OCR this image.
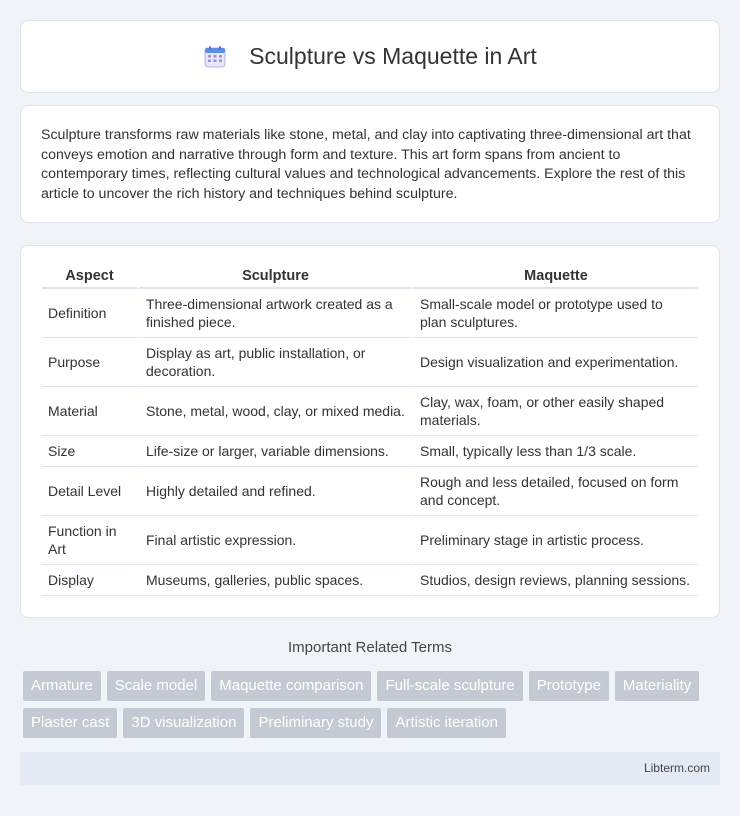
Sculpture vs Maquette in Art

Sculpture transforms raw materials like stone, metal, and clay into captivating three-dimensional art that conveys emotion and narrative through form and texture. This art form spans from ancient to contemporary times, reflecting cultural values and technological advancements. Explore the rest of this article to uncover the rich history and techniques behind sculpture.

Aspect	Sculpture	Maquette
Definition	Three-dimensional artwork created as a finished piece.	Small-scale model or prototype used to plan sculptures.
Purpose	Display as art, public installation, or decoration.	Design visualization and experimentation.
Material	Stone, metal, wood, clay, or mixed media.	Clay, wax, foam, or other easily shaped materials.
Size	Life-size or larger, variable dimensions.	Small, typically less than 1/3 scale.
Detail Level	Highly detailed and refined.	Rough and less detailed, focused on form and concept.
Function in Art	Final artistic expression.	Preliminary stage in artistic process.
Display	Museums, galleries, public spaces.	Studios, design reviews, planning sessions.
Important Related Terms
Armature	Scale model	Maquette comparison	Full-scale sculpture	Prototype	Materiality
Plaster cast	3D visualization	Preliminary study	Artistic iteration
Libterm.com
